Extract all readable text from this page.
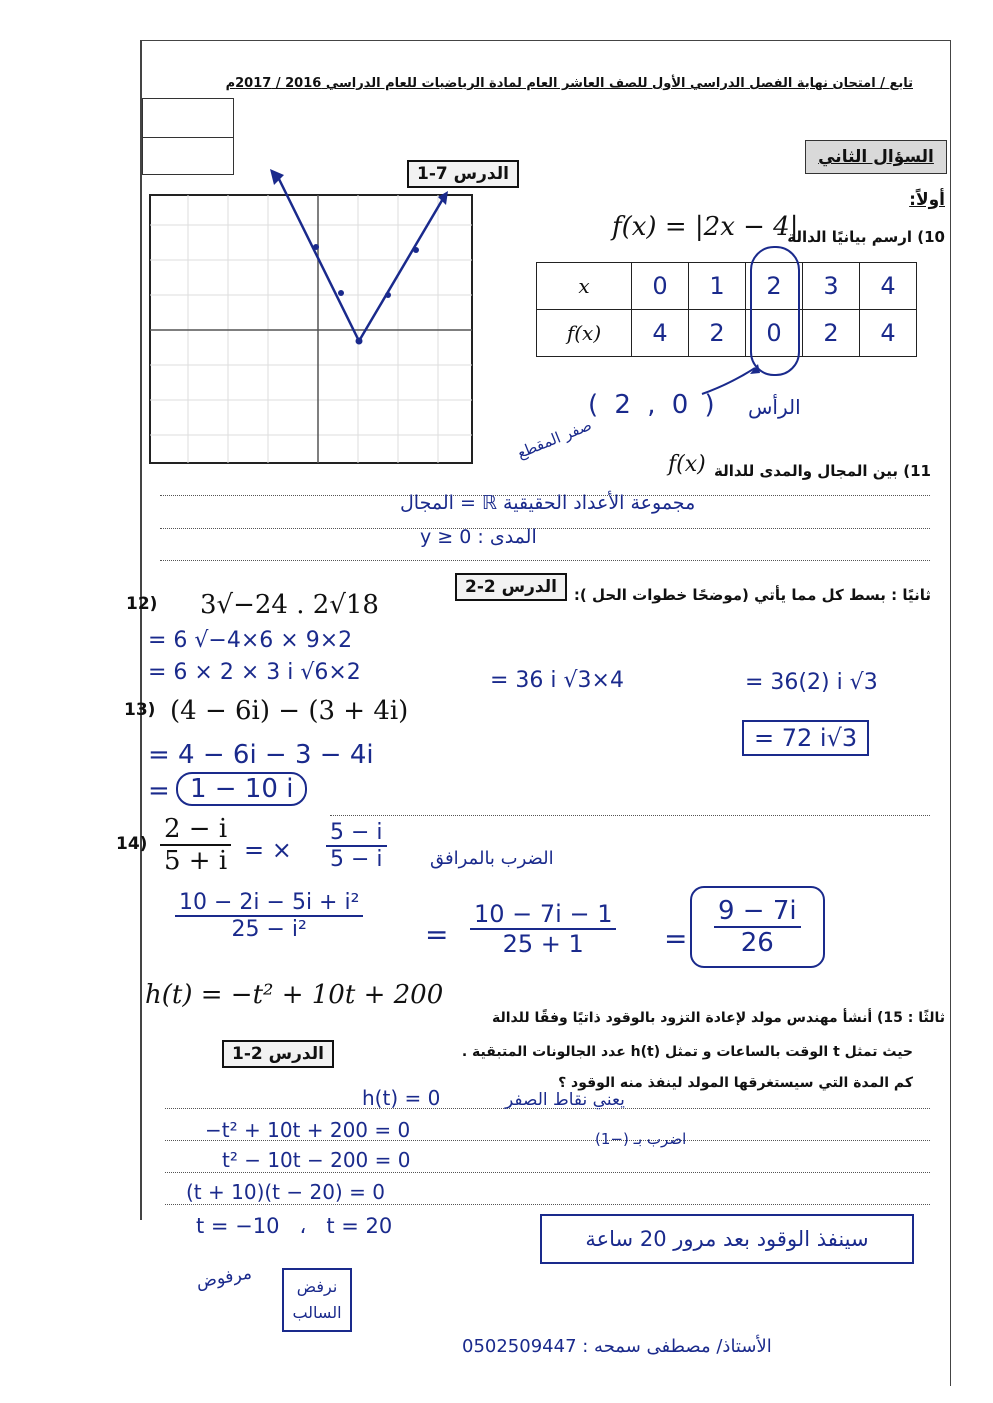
تابع / امتحان نهاية الفصل الدراسي الأول للصف العاشر العام لمادة الرياضيات للعام الدراسي 2016 / 2017م
السؤال الثاني
الدرس 7-1
أولاً:
10) ارسم بيانيًا الدالة
f(x) = |2x − 4|
x	0	1	2	3	4
f(x)	4	2	0	2	4
( 2 , 0 ) الرأس
صفر المقطع
11) بين المجال والمدى للدالة
f(x)
مجموعة الأعداد الحقيقية ℝ = المجال
المدى : y ≥ 0
الدرس 2-2	ثانيًا : بسط كل مما يأتي (موضحًا خطوات الحل ):
12) 3√−24 . 2√18
= 6 √−4×6 × 9×2
= 6 × 2 × 3 i √6×2	= 36 i √3×4	= 36(2) i √3
= 72 i√3
13) (4 − 6i) − (3 + 4i)
= 4 − 6i − 3 − 4i
= 1 − 10 i
$14) \frac{2 - i}{5 + i}$ = × $\frac{5 - i}{5 - i}$ الضرب بالمرافق
$\frac{\text{10 − 2i − 5i + i²}}{\text{25 − i²}} = \frac{10 - 7i - 1}{25 + 1} = \frac{9 - 7i}{26}$
h(t) = −t² + 10t + 200
ثالثًا : 15) أنشأ مهندس مولد لإعادة التزود بالوقود ذاتيًا وفقًا للدالة
الدرس 2-1	حيث تمثل t الوقت بالساعات و تمثل h(t) عدد الجالونات المتبقية .
كم المدة التي سيستغرقها المولد لينفذ منه الوقود ؟
h(t) = 0	يعني نقاط الصفر
−t² + 10t + 200 = 0	اضرب بـ (−1)
t² − 10t − 200 = 0
(t + 10)(t − 20) = 0
t = −10   ،   t = 20
سينفذ الوقود بعد مرور 20 ساعة
نرفض السالب
مرفوض
الأستاذ/ مصطفى سمحه : 0502509447
